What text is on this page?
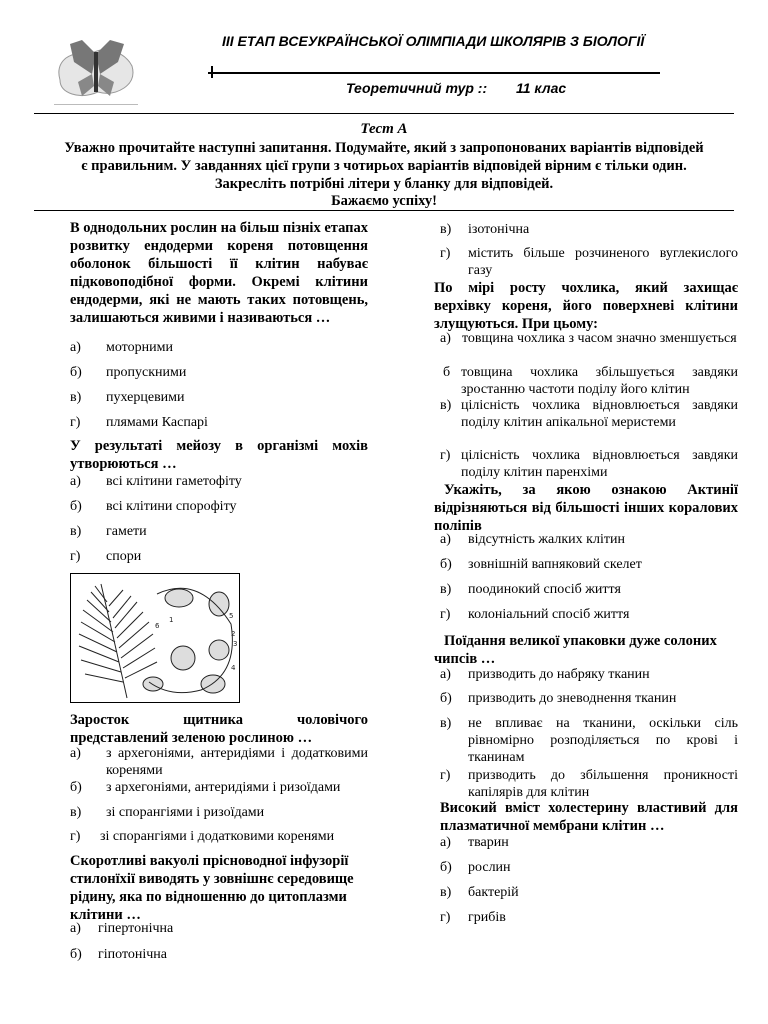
ІІІ ЕТАП ВСЕУКРАЇНСЬКОЇ ОЛІМПІАДИ ШКОЛЯРІВ З БІОЛОГІЇ
Теоретичний тур :: 11 клас
Тест А
Уважно прочитайте наступні запитання. Подумайте, який з запропонованих варіантів відповідей
є правильним. У завданнях цієї групи з чотирьох варіантів відповідей вірним є тільки один.
Закресліть потрібні літери у бланку для відповідей.
Бажаємо успіху!
В однодольних рослин на більш пізніх етапах розвитку ендодерми кореня потовщення оболонок більшості її клітин набуває підковоподібної форми. Окремі клітини ендодерми, які не мають таких потовщень, залишаються живими і називаються …
а)	моторними
б)	пропускними
в)	пухерцевими
г)	плямами Каспарі
У результаті мейозу в організмі мохів утворюються …
а)	всі клітини гаметофіту
б)	всі клітини спорофіту
в)	гамети
г)	спори
1
2
3
4
5
6
Заросток щитника чоловічого представлений зеленою рослиною …
а)	з архегоніями, антеридіями і додатковими коренями
б)	з архегоніями, антеридіями і ризоїдами
в)	зі спорангіями і ризоїдами
г)	зі спорангіями і додатковими коренями
Скоротливі вакуолі прісноводної інфузорії стилонїхії виводять у зовнішнє середовище рідину, яка по відношенню до цитоплазми клітини …
а)	гіпертонічна
б)	гіпотонічна
в)	ізотонічна
г)	містить більше розчиненого вуглекислого газу
По мірі росту чохлика, який захищає верхівку кореня, його поверхневі клітини злущуються. При цьому:
а) товщина чохлика з часом значно зменшується
б товщина чохлика збільшується завдяки зростанню частоти поділу його клітин
в) цілісність чохлика відновлюється завдяки поділу клітин апікальної меристеми
г) цілісність чохлика відновлюється завдяки поділу клітин паренхіми
Укажіть, за якою ознакою Актинії відрізняються від більшості інших коралових поліпів
а)	відсутність жалких клітин
б)	зовнішній вапняковий скелет
в)	поодинокий спосіб життя
г)	колоніальний спосіб життя
Поїдання великої упаковки дуже солоних чипсів …
а)	призводить до набряку тканин
б)	призводить до зневоднення тканин
в)	не впливає на тканини, оскільки сіль рівномірно розподіляється по крові і тканинам
г)	призводить до збільшення проникності капілярів для клітин
Високий вміст холестерину властивий для плазматичної мембрани клітин …
а)	тварин
б)	рослин
в)	бактерій
г)	грибів
